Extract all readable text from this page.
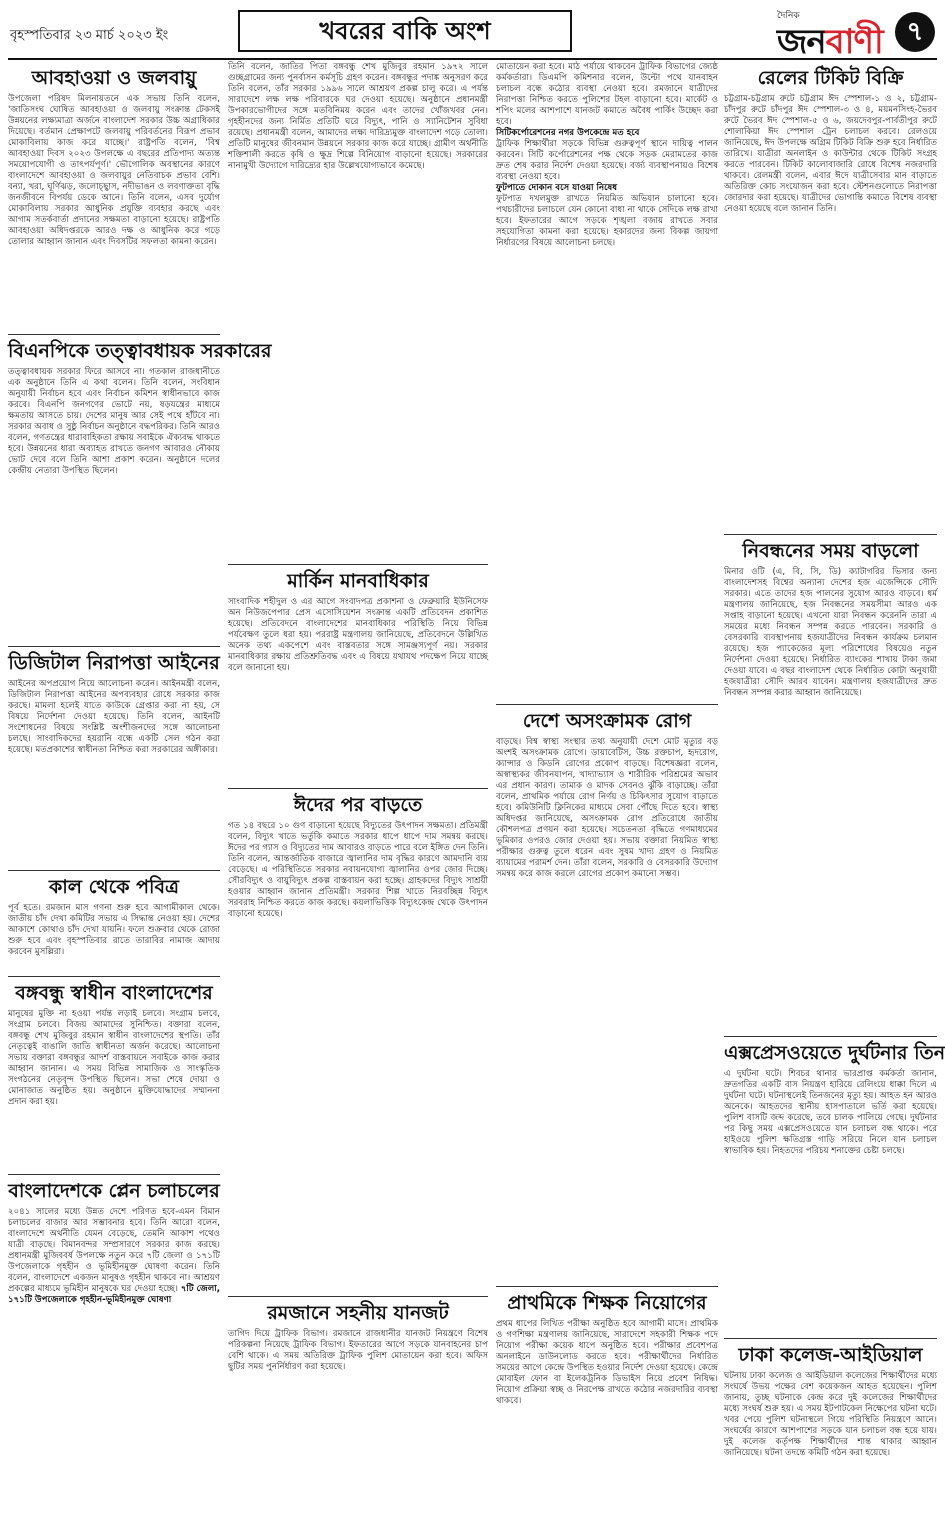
বৃহস্পতিবার ২৩ মার্চ ২০২৩ ইং	খবরের বাকি অংশ
দৈনিক
জনবাণী ৭
আবহাওয়া ও জলবায়ু
উপজেলা পরিষদ মিলনায়তনে এক সভায় তিনি বলেন, 'জাতিসংঘ ঘোষিত আবহাওয়া ও জলবায়ু সংক্রান্ত টেকসই উন্নয়নের লক্ষ্যমাত্রা অর্জনে বাংলাদেশ সরকার উচ্চ অগ্রাধিকার দিয়েছে। বর্তমান প্রেক্ষাপটে জলবায়ু পরিবর্তনের বিরূপ প্রভাব মোকাবিলায় কাজ করে যাচ্ছে।' রাষ্ট্রপতি বলেন, 'বিশ্ব আবহাওয়া দিবস ২০২৩ উপলক্ষে এ বছরের প্রতিপাদ্য অত্যন্ত সময়োপযোগী ও তাৎপর্যপূর্ণ।' ভৌগোলিক অবস্থানের কারণে বাংলাদেশে আবহাওয়া ও জলবায়ুর নেতিবাচক প্রভাব বেশি। বন্যা, খরা, ঘূর্ণিঝড়, জলোচ্ছ্বাস, নদীভাঙন ও লবণাক্ততা বৃদ্ধি জনজীবনে বিপর্যয় ডেকে আনে। তিনি বলেন, এসব দুর্যোগ মোকাবিলায় সরকার আধুনিক প্রযুক্তি ব্যবহার করছে এবং আগাম সতর্কবার্তা প্রদানের সক্ষমতা বাড়ানো হয়েছে। রাষ্ট্রপতি আবহাওয়া অধিদপ্তরকে আরও দক্ষ ও আধুনিক করে গড়ে তোলার আহ্বান জানান এবং দিবসটির সফলতা কামনা করেন।
বিএনপিকে তত্ত্বাবধায়ক সরকারের
তত্ত্বাবধায়ক সরকার ফিরে আসবে না। গতকাল রাজধানীতে এক অনুষ্ঠানে তিনি এ কথা বলেন। তিনি বলেন, সংবিধান অনুযায়ী নির্বাচন হবে এবং নির্বাচন কমিশন স্বাধীনভাবে কাজ করবে। বিএনপি জনগণের ভোটে নয়, ষড়যন্ত্রের মাধ্যমে ক্ষমতায় আসতে চায়। দেশের মানুষ আর সেই পথে হাঁটবে না। সরকার অবাধ ও সুষ্ঠু নির্বাচন অনুষ্ঠানে বদ্ধপরিকর। তিনি আরও বলেন, গণতন্ত্রের ধারাবাহিকতা রক্ষায় সবাইকে ঐক্যবদ্ধ থাকতে হবে। উন্নয়নের ধারা অব্যাহত রাখতে জনগণ আবারও নৌকায় ভোট দেবে বলে তিনি আশা প্রকাশ করেন। অনুষ্ঠানে দলের কেন্দ্রীয় নেতারা উপস্থিত ছিলেন।
ডিজিটাল নিরাপত্তা আইনের
আইনের অপপ্রয়োগ নিয়ে আলোচনা করেন। আইনমন্ত্রী বলেন, ডিজিটাল নিরাপত্তা আইনের অপব্যবহার রোধে সরকার কাজ করছে। মামলা হলেই যাতে কাউকে গ্রেপ্তার করা না হয়, সে বিষয়ে নির্দেশনা দেওয়া হয়েছে। তিনি বলেন, আইনটি সংশোধনের বিষয়ে সংশ্লিষ্ট অংশীজনদের সঙ্গে আলোচনা চলছে। সাংবাদিকদের হয়রানি বন্ধে একটি সেল গঠন করা হয়েছে। মতপ্রকাশের স্বাধীনতা নিশ্চিত করা সরকারের অঙ্গীকার।
কাল থেকে পবিত্র
পূর্ব হতে। রমজান মাস গণনা শুরু হবে আগামীকাল থেকে। জাতীয় চাঁদ দেখা কমিটির সভায় এ সিদ্ধান্ত নেওয়া হয়। দেশের আকাশে কোথাও চাঁদ দেখা যায়নি। ফলে শুক্রবার থেকে রোজা শুরু হবে এবং বৃহস্পতিবার রাতে তারাবির নামাজ আদায় করবেন মুসল্লিরা।
বঙ্গবন্ধু স্বাধীন বাংলাদেশের
মানুষের মুক্তি না হওয়া পর্যন্ত লড়াই চলবে। সংগ্রাম চলবে, সংগ্রাম চলবে। বিজয় আমাদের সুনিশ্চিত। বক্তারা বলেন, বঙ্গবন্ধু শেখ মুজিবুর রহমান স্বাধীন বাংলাদেশের স্থপতি। তাঁর নেতৃত্বেই বাঙালি জাতি স্বাধীনতা অর্জন করেছে। আলোচনা সভায় বক্তারা বঙ্গবন্ধুর আদর্শ বাস্তবায়নে সবাইকে কাজ করার আহ্বান জানান। এ সময় বিভিন্ন সামাজিক ও সাংস্কৃতিক সংগঠনের নেতৃবৃন্দ উপস্থিত ছিলেন। সভা শেষে দোয়া ও মোনাজাত অনুষ্ঠিত হয়। অনুষ্ঠানে মুক্তিযোদ্ধাদের সম্মাননা প্রদান করা হয়।
বাংলাদেশকে প্লেন চলাচলের
২০৪১ সালের মধ্যে উন্নত দেশে পরিণত হবে-এমন বিমান চলাচলের বাজার আর সম্ভাবনার হবে। তিনি আরো বলেন, বাংলাদেশে অর্থনীতি যেমন বেড়েছে, তেমনি আকাশ পথেও যাত্রী বাড়ছে। বিমানবন্দর সম্প্রসারণে সরকার কাজ করছে। প্রধানমন্ত্রী মুজিববর্ষ উপলক্ষে নতুন করে ৭টি জেলা ও ১৭১টি উপজেলাকে গৃহহীন ও ভূমিহীনমুক্ত ঘোষণা করেন। তিনি বলেন, বাংলাদেশে একজন মানুষও গৃহহীন থাকবে না। আশ্রয়ণ প্রকল্পের মাধ্যমে ভূমিহীন মানুষকে ঘর দেওয়া হচ্ছে। ৭টি জেলা, ১৭১টি উপজেলাকে গৃহহীন-ভূমিহীনমুক্ত ঘোষণা
তিনি বলেন, জাতির পিতা বঙ্গবন্ধু শেখ মুজিবুর রহমান ১৯৭২ সালে গুচ্ছগ্রামের জন্য পুনর্বাসন কর্মসূচি গ্রহণ করেন। বঙ্গবন্ধুর পদাঙ্ক অনুসরণ করে তিনি বলেন, তাঁর সরকার ১৯৯৬ সালে আশ্রয়ণ প্রকল্প চালু করে। এ পর্যন্ত সারাদেশে লক্ষ লক্ষ পরিবারকে ঘর দেওয়া হয়েছে। অনুষ্ঠানে প্রধানমন্ত্রী উপকারভোগীদের সঙ্গে মতবিনিময় করেন এবং তাদের খোঁজখবর নেন। গৃহহীনদের জন্য নির্মিত প্রতিটি ঘরে বিদ্যুৎ, পানি ও স্যানিটেশন সুবিধা রয়েছে। প্রধানমন্ত্রী বলেন, আমাদের লক্ষ্য দারিদ্র্যমুক্ত বাংলাদেশ গড়ে তোলা। প্রতিটি মানুষের জীবনমান উন্নয়নে সরকার কাজ করে যাচ্ছে। গ্রামীণ অর্থনীতি শক্তিশালী করতে কৃষি ও ক্ষুদ্র শিল্পে বিনিয়োগ বাড়ানো হয়েছে। সরকারের নানামুখী উদ্যোগে দারিদ্র্যের হার উল্লেখযোগ্যভাবে কমেছে।
মার্কিন মানবাধিকার
সাংবাদিক শহীদুল ও এর আগে সংবাদপত্র প্রকাশনা ও ফেব্রুয়ারি ইউনিসেফ অন নিউজপেপার প্রেস এসোসিয়েশন সংক্রান্ত একটি প্রতিবেদন প্রকাশিত হয়েছে। প্রতিবেদনে বাংলাদেশের মানবাধিকার পরিস্থিতি নিয়ে বিভিন্ন পর্যবেক্ষণ তুলে ধরা হয়। পররাষ্ট্র মন্ত্রণালয় জানিয়েছে, প্রতিবেদনে উল্লিখিত অনেক তথ্য একপেশে এবং বাস্তবতার সঙ্গে সামঞ্জস্যপূর্ণ নয়। সরকার মানবাধিকার রক্ষায় প্রতিশ্রুতিবদ্ধ এবং এ বিষয়ে যথাযথ পদক্ষেপ নিয়ে যাচ্ছে বলে জানানো হয়।
ঈদের পর বাড়তে
গত ১৪ বছরে ১০ গুণ বাড়ানো হয়েছে বিদ্যুতের উৎপাদন সক্ষমতা। প্রতিমন্ত্রী বলেন, বিদ্যুৎ খাতে ভর্তুকি কমাতে সরকার ধাপে ধাপে দাম সমন্বয় করছে। ঈদের পর গ্যাস ও বিদ্যুতের দাম আবারও বাড়তে পারে বলে ইঙ্গিত দেন তিনি। তিনি বলেন, আন্তর্জাতিক বাজারে জ্বালানির দাম বৃদ্ধির কারণে আমদানি ব্যয় বেড়েছে। এ পরিস্থিতিতে সরকার নবায়নযোগ্য জ্বালানির ওপর জোর দিচ্ছে। সৌরবিদ্যুৎ ও বায়ুবিদ্যুৎ প্রকল্প বাস্তবায়ন করা হচ্ছে। গ্রাহকদের বিদ্যুৎ সাশ্রয়ী হওয়ার আহ্বান জানান প্রতিমন্ত্রী। সরকার শিল্প খাতে নিরবচ্ছিন্ন বিদ্যুৎ সরবরাহ নিশ্চিত করতে কাজ করছে। কয়লাভিত্তিক বিদ্যুৎকেন্দ্র থেকে উৎপাদন বাড়ানো হয়েছে।
রমজানে সহনীয় যানজট
তাগিদ দিয়ে ট্রাফিক বিভাগ। রমজানে রাজধানীর যানজট নিয়ন্ত্রণে বিশেষ পরিকল্পনা নিয়েছে ট্রাফিক বিভাগ। ইফতারের আগে সড়কে যানবাহনের চাপ বেশি থাকে। এ সময় অতিরিক্ত ট্রাফিক পুলিশ মোতায়েন করা হবে। অফিস ছুটির সময় পুনর্নির্ধারণ করা হয়েছে।
মোতায়েন করা হবে। মাঠ পর্যায়ে থাকবেন ট্রাফিক বিভাগের জ্যেষ্ঠ কর্মকর্তারা। ডিএমপি কমিশনার বলেন, উল্টো পথে যানবাহন চলাচল বন্ধে কঠোর ব্যবস্থা নেওয়া হবে। রমজানে যাত্রীদের নিরাপত্তা নিশ্চিত করতে পুলিশের টহল বাড়ানো হবে। মার্কেট ও শপিং মলের আশপাশে যানজট কমাতে অবৈধ পার্কিং উচ্ছেদ করা হবে।
সিটিকর্পোরেশনের নগর উপকেন্দ্রে মত হবে
ট্রাফিক শিক্ষার্থীরা সড়কে বিভিন্ন গুরুত্বপূর্ণ স্থানে দায়িত্ব পালন করবেন। সিটি কর্পোরেশনের পক্ষ থেকে সড়ক মেরামতের কাজ দ্রুত শেষ করার নির্দেশ দেওয়া হয়েছে। বর্জ্য ব্যবস্থাপনায়ও বিশেষ ব্যবস্থা নেওয়া হবে।
ফুটপাতে দোকান বসে যাওয়া নিষেধ
ফুটপাত দখলমুক্ত রাখতে নিয়মিত অভিযান চালানো হবে। পথচারীদের চলাচলে যেন কোনো বাধা না থাকে সেদিকে লক্ষ রাখা হবে। ইফতারের আগে সড়কে শৃঙ্খলা বজায় রাখতে সবার সহযোগিতা কামনা করা হয়েছে। হকারদের জন্য বিকল্প জায়গা নির্ধারণের বিষয়ে আলোচনা চলছে।
দেশে অসংক্রামক রোগ
বাড়ছে। বিশ্ব স্বাস্থ্য সংস্থার তথ্য অনুযায়ী দেশে মোট মৃত্যুর বড় অংশই অসংক্রামক রোগে। ডায়াবেটিস, উচ্চ রক্তচাপ, হৃদরোগ, ক্যান্সার ও কিডনি রোগের প্রকোপ বাড়ছে। বিশেষজ্ঞরা বলেন, অস্বাস্থ্যকর জীবনযাপন, খাদ্যাভ্যাস ও শারীরিক পরিশ্রমের অভাব এর প্রধান কারণ। তামাক ও মাদক সেবনও ঝুঁকি বাড়াচ্ছে। তাঁরা বলেন, প্রাথমিক পর্যায়ে রোগ নির্ণয় ও চিকিৎসার সুযোগ বাড়াতে হবে। কমিউনিটি ক্লিনিকের মাধ্যমে সেবা পৌঁছে দিতে হবে। স্বাস্থ্য অধিদপ্তর জানিয়েছে, অসংক্রামক রোগ প্রতিরোধে জাতীয় কৌশলপত্র প্রণয়ন করা হয়েছে। সচেতনতা বৃদ্ধিতে গণমাধ্যমের ভূমিকার ওপরও জোর দেওয়া হয়। সভায় বক্তারা নিয়মিত স্বাস্থ্য পরীক্ষার গুরুত্ব তুলে ধরেন এবং সুষম খাদ্য গ্রহণ ও নিয়মিত ব্যায়ামের পরামর্শ দেন। তাঁরা বলেন, সরকারি ও বেসরকারি উদ্যোগ সমন্বয় করে কাজ করলে রোগের প্রকোপ কমানো সম্ভব।
প্রাথমিকে শিক্ষক নিয়োগের
প্রথম ধাপের লিখিত পরীক্ষা অনুষ্ঠিত হবে আগামী মাসে। প্রাথমিক ও গণশিক্ষা মন্ত্রণালয় জানিয়েছে, সারাদেশে সহকারী শিক্ষক পদে নিয়োগ পরীক্ষা কয়েক ধাপে অনুষ্ঠিত হবে। পরীক্ষার প্রবেশপত্র অনলাইনে ডাউনলোড করতে হবে। পরীক্ষার্থীদের নির্ধারিত সময়ের আগে কেন্দ্রে উপস্থিত হওয়ার নির্দেশ দেওয়া হয়েছে। কেন্দ্রে মোবাইল ফোন বা ইলেকট্রনিক ডিভাইস নিয়ে প্রবেশ নিষিদ্ধ। নিয়োগ প্রক্রিয়া স্বচ্ছ ও নিরপেক্ষ রাখতে কঠোর নজরদারির ব্যবস্থা থাকবে।
রেলের টিকিট বিক্রি
চট্টগ্রাম-চট্টগ্রাম রুটে চট্টগ্রাম ঈদ স্পেশাল-১ ও ২, চট্টগ্রাম-চাঁদপুর রুটে চাঁদপুর ঈদ স্পেশাল-৩ ও ৪, ময়মনসিংহ-ভৈরব রুটে ভৈরব ঈদ স্পেশাল-৫ ও ৬, জয়দেবপুর-পার্বতীপুর রুটে শোলাকিয়া ঈদ স্পেশাল ট্রেন চলাচল করবে। রেলওয়ে জানিয়েছে, ঈদ উপলক্ষে অগ্রিম টিকিট বিক্রি শুরু হবে নির্ধারিত তারিখে। যাত্রীরা অনলাইন ও কাউন্টার থেকে টিকিট সংগ্রহ করতে পারবেন। টিকিট কালোবাজারি রোধে বিশেষ নজরদারি থাকবে। রেলমন্ত্রী বলেন, এবার ঈদে যাত্রীসেবার মান বাড়াতে অতিরিক্ত কোচ সংযোজন করা হবে। স্টেশনগুলোতে নিরাপত্তা জোরদার করা হয়েছে। যাত্রীদের ভোগান্তি কমাতে বিশেষ ব্যবস্থা নেওয়া হয়েছে বলে জানান তিনি।
নিবন্ধনের সময় বাড়লো
মিনার ওটি (এ, বি, সি, ডি) ক্যাটাগরির ভিসার জন্য বাংলাদেশসহ বিশ্বের অন্যান্য দেশের হজ এজেন্সিকে সৌদি সরকার। এতে তাদের হজ পালনের সুযোগ আরও বাড়বে। ধর্ম মন্ত্রণালয় জানিয়েছে, হজ নিবন্ধনের সময়সীমা আরও এক সপ্তাহ বাড়ানো হয়েছে। এখনো যারা নিবন্ধন করেননি তারা এ সময়ের মধ্যে নিবন্ধন সম্পন্ন করতে পারবেন। সরকারি ও বেসরকারি ব্যবস্থাপনায় হজযাত্রীদের নিবন্ধন কার্যক্রম চলমান রয়েছে। হজ প্যাকেজের মূল্য পরিশোধের বিষয়েও নতুন নির্দেশনা দেওয়া হয়েছে। নির্ধারিত ব্যাংকের শাখায় টাকা জমা দেওয়া যাবে। এ বছর বাংলাদেশ থেকে নির্ধারিত কোটা অনুযায়ী হজযাত্রীরা সৌদি আরব যাবেন। মন্ত্রণালয় হজযাত্রীদের দ্রুত নিবন্ধন সম্পন্ন করার আহ্বান জানিয়েছে।
এক্সপ্রেসওয়েতে দুর্ঘটনার তিন
এ দুর্ঘটনা ঘটে। শিবচর থানার ভারপ্রাপ্ত কর্মকর্তা জানান, দ্রুতগতির একটি বাস নিয়ন্ত্রণ হারিয়ে রেলিংয়ে ধাক্কা দিলে এ দুর্ঘটনা ঘটে। ঘটনাস্থলেই তিনজনের মৃত্যু হয়। আহত হন আরও অনেকে। আহতদের স্থানীয় হাসপাতালে ভর্তি করা হয়েছে। পুলিশ বাসটি জব্দ করেছে, তবে চালক পালিয়ে গেছে। দুর্ঘটনার পর কিছু সময় এক্সপ্রেসওয়েতে যান চলাচল বন্ধ থাকে। পরে হাইওয়ে পুলিশ ক্ষতিগ্রস্ত গাড়ি সরিয়ে নিলে যান চলাচল স্বাভাবিক হয়। নিহতদের পরিচয় শনাক্তের চেষ্টা চলছে।
ঢাকা কলেজ-আইডিয়াল
ঘটনায় ঢাকা কলেজ ও আইডিয়াল কলেজের শিক্ষার্থীদের মধ্যে সংঘর্ষে উভয় পক্ষের বেশ কয়েকজন আহত হয়েছেন। পুলিশ জানায়, তুচ্ছ ঘটনাকে কেন্দ্র করে দুই কলেজের শিক্ষার্থীদের মধ্যে সংঘর্ষ শুরু হয়। এ সময় ইটপাটকেল নিক্ষেপের ঘটনা ঘটে। খবর পেয়ে পুলিশ ঘটনাস্থলে গিয়ে পরিস্থিতি নিয়ন্ত্রণে আনে। সংঘর্ষের কারণে আশপাশের সড়কে যান চলাচল বন্ধ হয়ে যায়। দুই কলেজ কর্তৃপক্ষ শিক্ষার্থীদের শান্ত থাকার আহ্বান জানিয়েছে। ঘটনা তদন্তে কমিটি গঠন করা হয়েছে।
